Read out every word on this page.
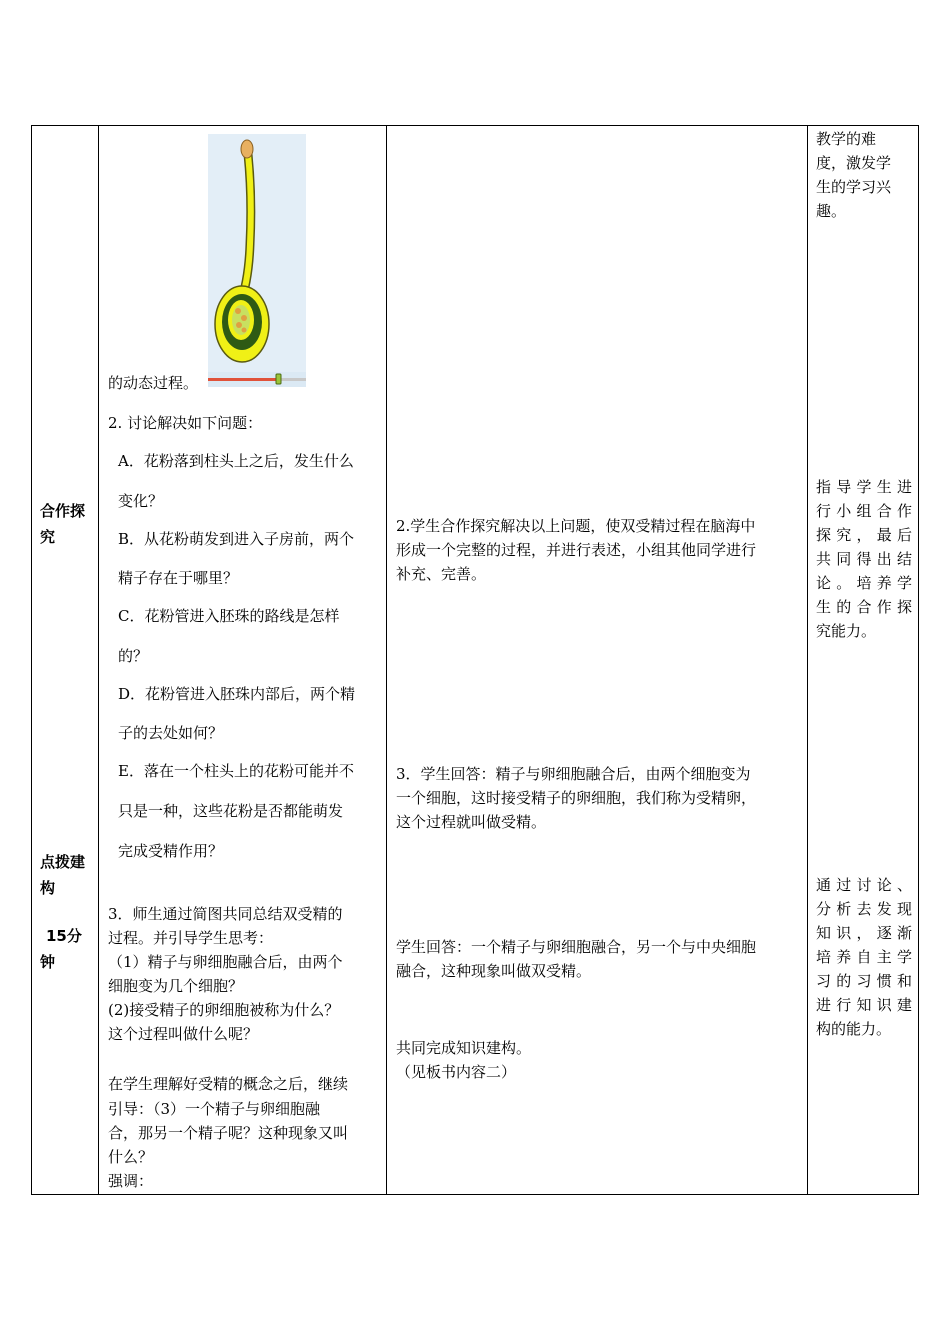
合作探
究
点拨建
构
15分
钟
的动态过程。
2. 讨论解决如下问题：
A．花粉落到柱头上之后，发生什么
变化？
B．从花粉萌发到进入子房前，两个
精子存在于哪里？
C．花粉管进入胚珠的路线是怎样
的？
D．花粉管进入胚珠内部后，两个精
子的去处如何？
E．落在一个柱头上的花粉可能并不
只是一种，这些花粉是否都能萌发
完成受精作用？
3．师生通过简图共同总结双受精的
过程。并引导学生思考：
（1）精子与卵细胞融合后，由两个
细胞变为几个细胞？
(2)接受精子的卵细胞被称为什么？
这个过程叫做什么呢？
在学生理解好受精的概念之后，继续
引导：（3）一个精子与卵细胞融
合，那另一个精子呢？这种现象又叫
什么？
强调：
2.学生合作探究解决以上问题，使双受精过程在脑海中
形成一个完整的过程，并进行表述，小组其他同学进行
补充、完善。
3．学生回答：精子与卵细胞融合后，由两个细胞变为
一个细胞，这时接受精子的卵细胞，我们称为受精卵，
这个过程就叫做受精。
学生回答：一个精子与卵细胞融合，另一个与中央细胞
融合，这种现象叫做双受精。
共同完成知识建构。
（见板书内容二）
教学的难
度，激发学
生的学习兴
趣。
指导学生进
行小组合作
探究，最后
共同得出结
论。培养学
生的合作探
究能力。
通过讨论、
分析去发现
知识，逐渐
培养自主学
习的习惯和
进行知识建
构的能力。
